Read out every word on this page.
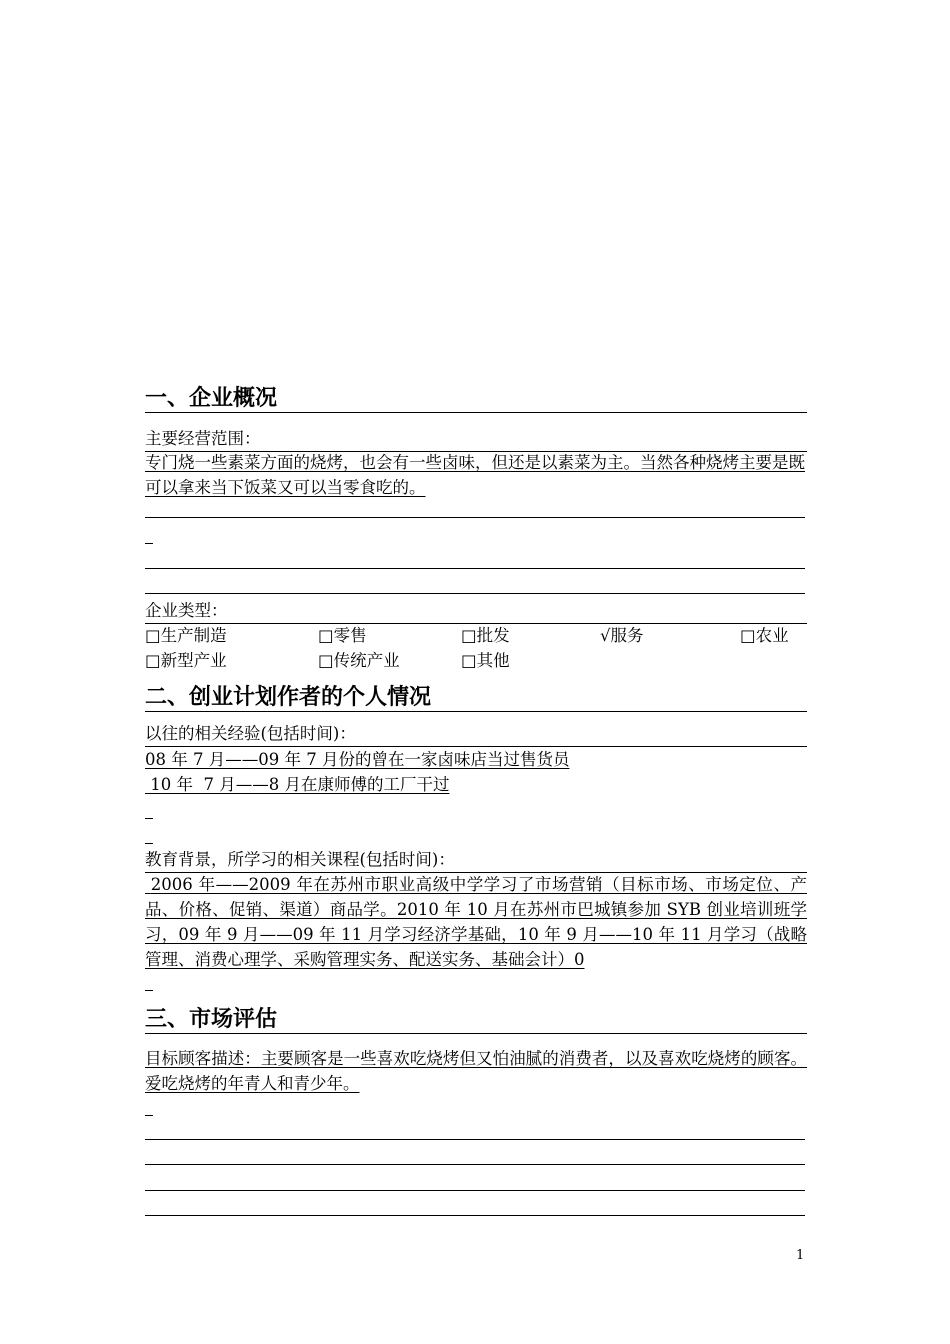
一、企业概况
主要经营范围：
专门烧一些素菜方面的烧烤，也会有一些卤味，但还是以素菜为主。当然各种烧烤主要是既可以拿来当下饭菜又可以当零食吃的。
企业类型：
□生产制造	□零售	□批发	√服务	□农业
□新型产业	□传统产业	□其他
二、创业计划作者的个人情况
以往的相关经验(包括时间)：
08 年 7 月——09 年 7 月份的曾在一家卤味店当过售货员
10 年  7 月——8 月在康师傅的工厂干过
教育背景，所学习的相关课程(包括时间)：
2006 年——2009 年在苏州市职业高级中学学习了市场营销（目标市场、市场定位、产品、价格、促销、渠道）商品学。2010 年 10 月在苏州市巴城镇参加 SYB 创业培训班学习，09 年 9 月——09 年 11 月学习经济学基础，10 年 9 月——10 年 11 月学习（战略管理、消费心理学、采购管理实务、配送实务、基础会计）0
三、市场评估
目标顾客描述：主要顾客是一些喜欢吃烧烤但又怕油腻的消费者，以及喜欢吃烧烤的顾客。爱吃烧烤的年青人和青少年。
1
